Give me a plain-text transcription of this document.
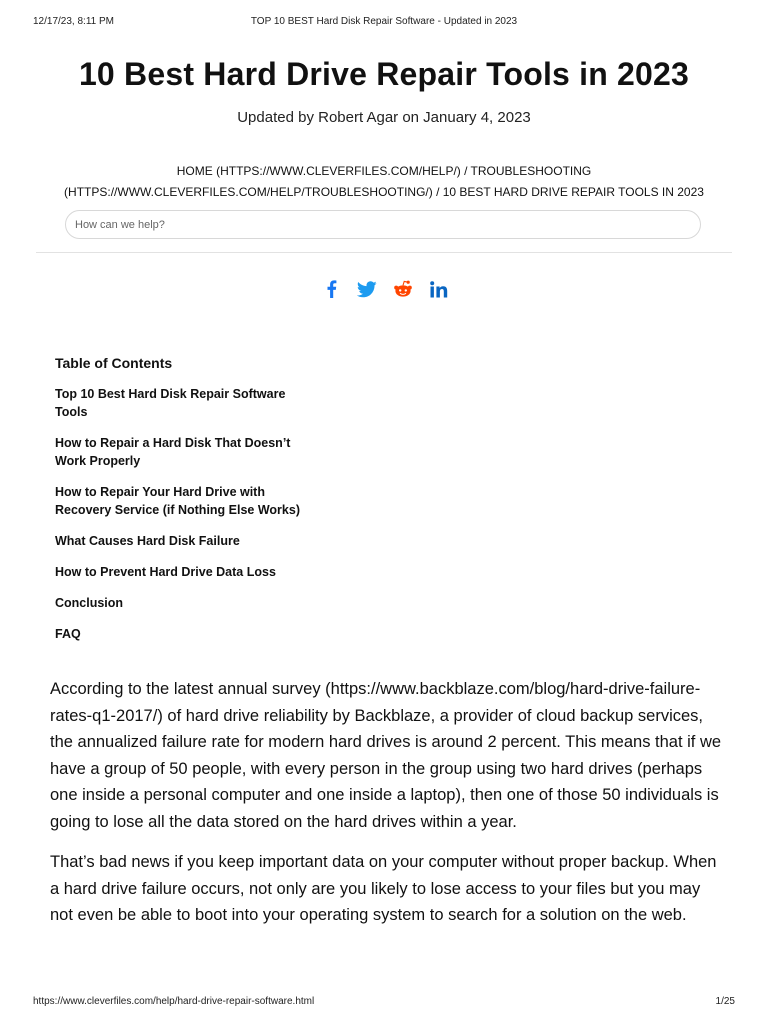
12/17/23, 8:11 PM	TOP 10 BEST Hard Disk Repair Software - Updated in 2023
10 Best Hard Drive Repair Tools in 2023
Updated by Robert Agar on January 4, 2023
HOME (HTTPS://WWW.CLEVERFILES.COM/HELP/) / TROUBLESHOOTING
(HTTPS://WWW.CLEVERFILES.COM/HELP/TROUBLESHOOTING/) / 10 BEST HARD DRIVE REPAIR TOOLS IN 2023
How can we help?
Table of Contents
Top 10 Best Hard Disk Repair Software Tools
How to Repair a Hard Disk That Doesn’t Work Properly
How to Repair Your Hard Drive with Recovery Service (if Nothing Else Works)
What Causes Hard Disk Failure
How to Prevent Hard Drive Data Loss
Conclusion
FAQ

According to the latest annual survey (https://www.backblaze.com/blog/hard-drive-failure-rates-q1-2017/) of hard drive reliability by Backblaze, a provider of cloud backup services, the annualized failure rate for modern hard drives is around 2 percent. This means that if we have a group of 50 people, with every person in the group using two hard drives (perhaps one inside a personal computer and one inside a laptop), then one of those 50 individuals is going to lose all the data stored on the hard drives within a year.

That’s bad news if you keep important data on your computer without proper backup. When a hard drive failure occurs, not only are you likely to lose access to your files but you may not even be able to boot into your operating system to search for a solution on the web.

https://www.cleverfiles.com/help/hard-drive-repair-software.html	1/25
